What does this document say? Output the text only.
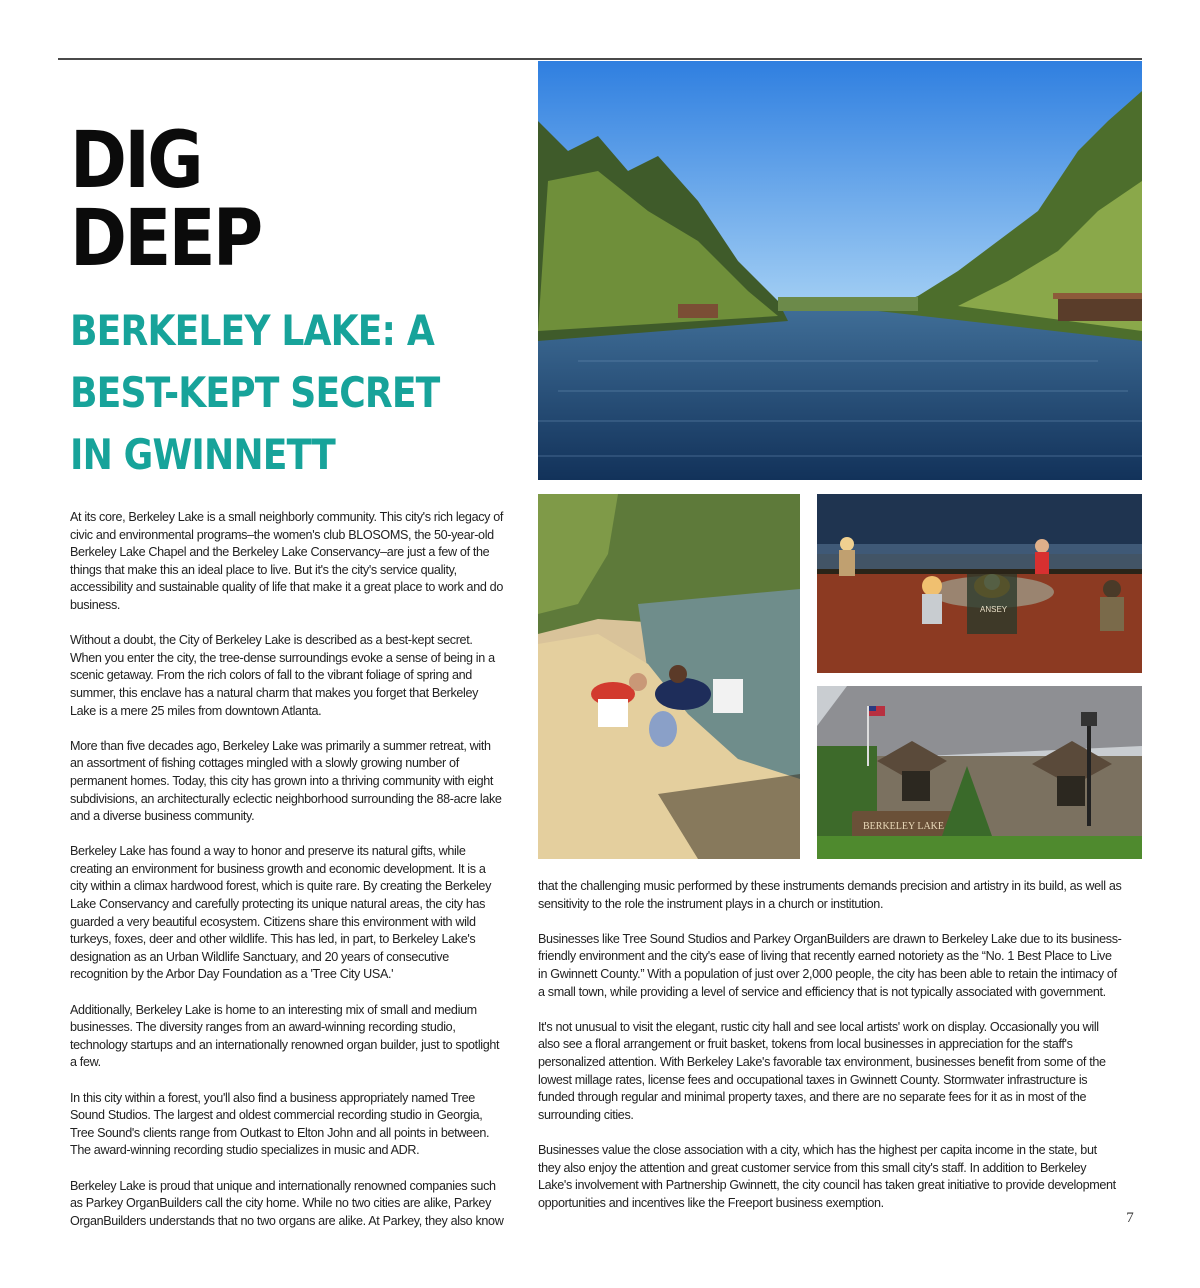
DIG
DEEP
BERKELEY LAKE: A BEST-KEPT SECRET IN GWINNETT

At its core, Berkeley Lake is a small neighborly community. This city's rich legacy of civic and environmental programs–the women's club BLOSOMS, the 50-year-old Berkeley Lake Chapel and the Berkeley Lake Conservancy–are just a few of the things that make this an ideal place to live. But it's the city's service quality, accessibility and sustainable quality of life that make it a great place to work and do business.

Without a doubt, the City of Berkeley Lake is described as a best-kept secret. When you enter the city, the tree-dense surroundings evoke a sense of being in a scenic getaway. From the rich colors of fall to the vibrant foliage of spring and summer, this enclave has a natural charm that makes you forget that Berkeley Lake is a mere 25 miles from downtown Atlanta.

More than five decades ago, Berkeley Lake was primarily a summer retreat, with an assortment of fishing cottages mingled with a slowly growing number of permanent homes. Today, this city has grown into a thriving community with eight subdivisions, an architecturally eclectic neighborhood surrounding the 88-acre lake and a diverse business community.

Berkeley Lake has found a way to honor and preserve its natural gifts, while creating an environment for business growth and economic development. It is a city within a climax hardwood forest, which is quite rare. By creating the Berkeley Lake Conservancy and carefully protecting its unique natural areas, the city has guarded a very beautiful ecosystem. Citizens share this environment with wild turkeys, foxes, deer and other wildlife. This has led, in part, to Berkeley Lake's designation as an Urban Wildlife Sanctuary, and 20 years of consecutive recognition by the Arbor Day Foundation as a 'Tree City USA.'

Additionally, Berkeley Lake is home to an interesting mix of small and medium businesses. The diversity ranges from an award-winning recording studio, technology startups and an internationally renowned organ builder, just to spotlight a few.

In this city within a forest, you'll also find a business appropriately named Tree Sound Studios. The largest and oldest commercial recording studio in Georgia, Tree Sound's clients range from Outkast to Elton John and all points in between. The award-winning recording studio specializes in music and ADR.

Berkeley Lake is proud that unique and internationally renowned companies such as Parkey OrganBuilders call the city home. While no two cities are alike, Parkey OrganBuilders understands that no two organs are alike. At Parkey, they also know

that the challenging music performed by these instruments demands precision and artistry in its build, as well as sensitivity to the role the instrument plays in a church or institution.

Businesses like Tree Sound Studios and Parkey OrganBuilders are drawn to Berkeley Lake due to its business-friendly environment and the city's ease of living that recently earned notoriety as the “No. 1 Best Place to Live in Gwinnett County.” With a population of just over 2,000 people, the city has been able to retain the intimacy of a small town, while providing a level of service and efficiency that is not typically associated with government.

It's not unusual to visit the elegant, rustic city hall and see local artists' work on display. Occasionally you will also see a floral arrangement or fruit basket, tokens from local businesses in appreciation for the staff's personalized attention. With Berkeley Lake's favorable tax environment, businesses benefit from some of the lowest millage rates, license fees and occupational taxes in Gwinnett County. Stormwater infrastructure is funded through regular and minimal property taxes, and there are no separate fees for it as in most of the surrounding cities.

Businesses value the close association with a city, which has the highest per capita income in the state, but they also enjoy the attention and great customer service from this small city's staff. In addition to Berkeley Lake's involvement with Partnership Gwinnett, the city council has taken great initiative to provide development opportunities and incentives like the Freeport business exemption.

ANSEY
BERKELEY LAKE
7
